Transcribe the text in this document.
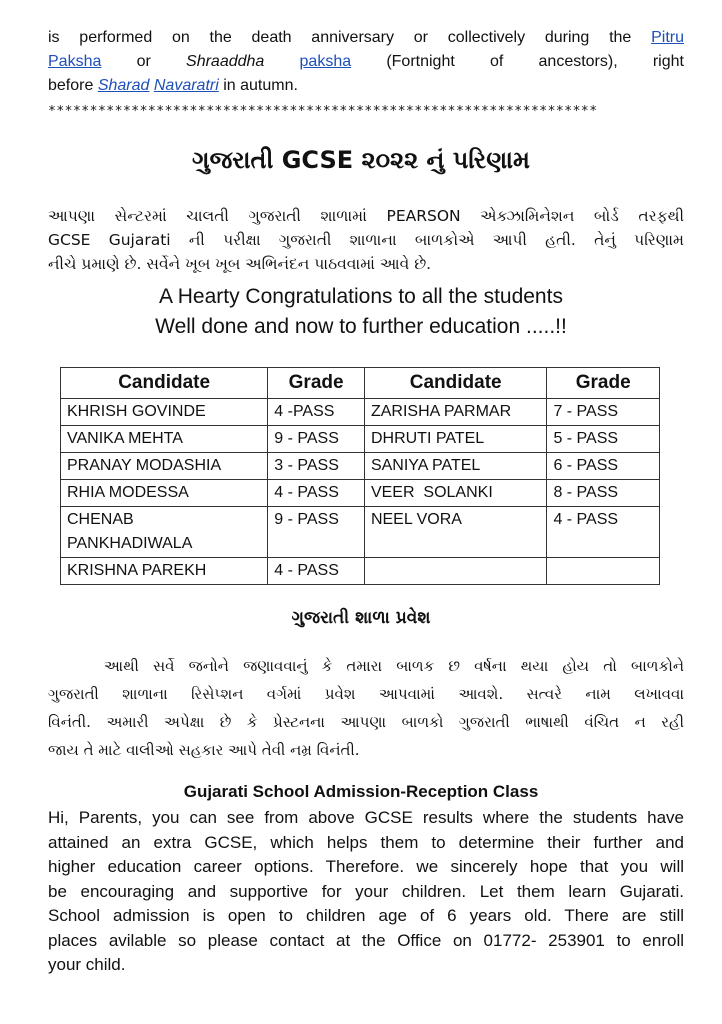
is performed on the death anniversary or collectively during the Pitru
Paksha or Shraaddha paksha (Fortnight of ancestors), right
before Sharad Navaratri in autumn.
******************************************************************
ગુજરાતી GCSE ૨૦૨૨ નું પરિણામ
આપણા સેન્ટરમાં ચાલતી ગુજરાતી શાળામાં PEARSON એક્ઝામિનેશન બોર્ડ તરફથી
GCSE Gujarati ની પરીક્ષા ગુજરાતી શાળાના બાળકોએ આપી હતી. તેનું પરિણામ
નીચે પ્રમાણે છે. સર્વેને ખૂબ ખૂબ અભિનંદન પાઠવવામાં આવે છે.
A Hearty Congratulations to all the students
Well done and now to further education .....!!
Candidate	Grade	Candidate	Grade
KHRISH GOVINDE	4 -PASS	ZARISHA PARMAR	7 - PASS
VANIKA MEHTA	9 - PASS	DHRUTI PATEL	5 - PASS
PRANAY MODASHIA	3 - PASS	SANIYA PATEL	6 - PASS
RHIA MODESSA	4 - PASS	VEER  SOLANKI	8 - PASS
CHENAB PANKHADIWALA	9 - PASS	NEEL VORA	4 - PASS
KRISHNA PAREKH	4 - PASS		
ગુજરાતી શાળા પ્રવેશ
આથી સર્વે જનોને જણાવવાનું કે તમારા બાળક છ વર્ષના થયા હોય તો બાળકોને
ગુજરાતી શાળાના રિસેપ્શન વર્ગમાં પ્રવેશ આપવામાં આવશે. સત્વરે નામ લખાવવા
વિનંતી. અમારી અપેક્ષા છે કે પ્રેસ્ટનના આપણા બાળકો ગુજરાતી ભાષાથી વંચિત ન રહી
જાય તે માટે વાલીઓ સહકાર આપે તેવી નમ્ર વિનંતી.
Gujarati School Admission-Reception Class
Hi, Parents, you can see from above GCSE results where the students have
attained an extra GCSE, which helps them to determine their further and
higher education career options. Therefore. we sincerely hope that you will
be encouraging and supportive for your children. Let them learn Gujarati.
School admission is open to children age of 6 years old. There are still
places avilable so please contact at the Office on 01772- 253901 to enroll
your child.
